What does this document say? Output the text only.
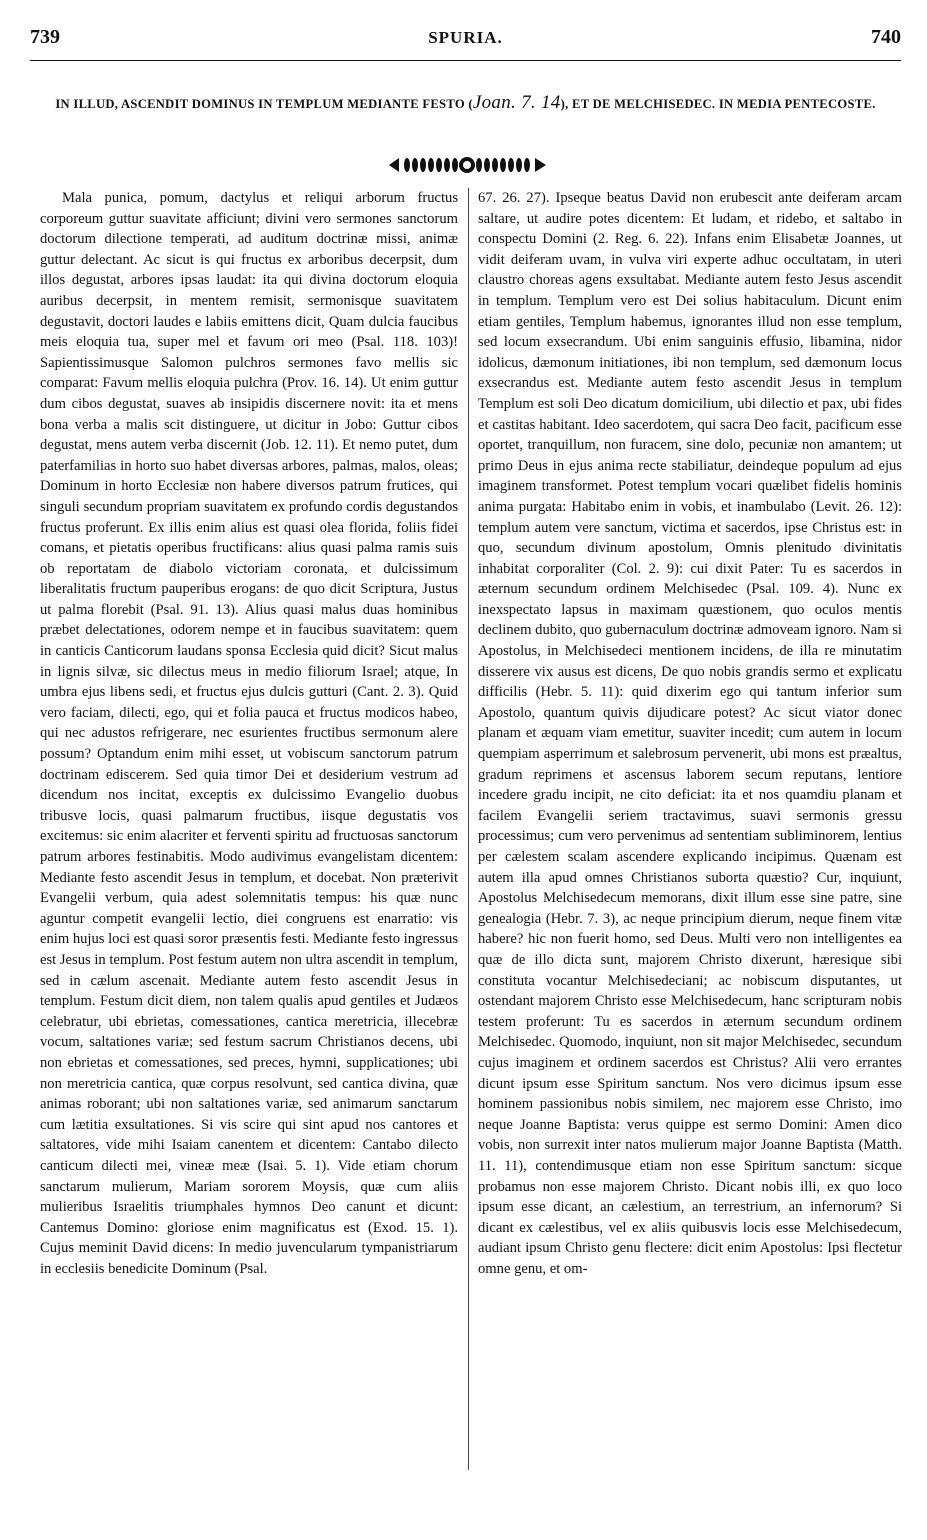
739	SPURIA.	740
IN ILLUD, ASCENDIT DOMINUS IN TEMPLUM MEDIANTE FESTO (Joan. 7. 14), ET DE MELCHISEDEC. IN MEDIA PENTECOSTE.
Mala punica, pomum, dactylus et reliqui arborum fructus corporeum guttur suavitate afficiunt; divini vero sermones sanctorum doctorum dilectione temperati, ad auditum doctrinæ missi, animæ guttur delectant. Ac sicut is qui fructus ex arboribus decerpsit, dum illos degustat, arbores ipsas laudat: ita qui divina doctorum eloquia auribus decerpsit, in mentem remisit, sermonisque suavitatem degustavit, doctori laudes e labiis emittens dicit, Quam dulcia faucibus meis eloquia tua, super mel et favum ori meo (Psal. 118. 103)! Sapientissimusque Salomon pulchros sermones favo mellis sic comparat: Favum mellis eloquia pulchra (Prov. 16. 14). Ut enim guttur dum cibos degustat, suaves ab insipidis discernere novit: ita et mens bona verba a malis scit distinguere, ut dicitur in Jobo: Guttur cibos degustat, mens autem verba discernit (Job. 12. 11). Et nemo putet, dum paterfamilias in horto suo habet diversas arbores, palmas, malos, oleas; Dominum in horto Ecclesiæ non habere diversos patrum frutices, qui singuli secundum propriam suavitatem ex profundo cordis degustandos fructus proferunt. Ex illis enim alius est quasi olea florida, foliis fidei comans, et pietatis operibus fructificans: alius quasi palma ramis suis ob reportatam de diabolo victoriam coronata, et dulcissimum liberalitatis fructum pauperibus erogans: de quo dicit Scriptura, Justus ut palma florebit (Psal. 91. 13). Alius quasi malus duas hominibus præbet delectationes, odorem nempe et in faucibus suavitatem: quem in canticis Canticorum laudans sponsa Ecclesia quid dicit? Sicut malus in lignis silvæ, sic dilectus meus in medio filiorum Israel; atque, In umbra ejus libens sedi, et fructus ejus dulcis gutturi (Cant. 2. 3). Quid vero faciam, dilecti, ego, qui et folia pauca et fructus modicos habeo, qui nec adustos refrigerare, nec esurientes fructibus sermonum alere possum? Optandum enim mihi esset, ut vobiscum sanctorum patrum doctrinam ediscerem. Sed quia timor Dei et desiderium vestrum ad dicendum nos incitat, exceptis ex dulcissimo Evangelio duobus tribusve locis, quasi palmarum fructibus, iisque degustatis vos excitemus: sic enim alacriter et ferventi spiritu ad fructuosas sanctorum patrum arbores festinabitis. Modo audivimus evangelistam dicentem: Mediante festo ascendit Jesus in templum, et docebat. Non præterivit Evangelii verbum, quia adest solemnitatis tempus: his quæ nunc aguntur competit evangelii lectio, diei congruens est enarratio: vis enim hujus loci est quasi soror præsentis festi. Mediante festo ingressus est Jesus in templum. Post festum autem non ultra ascendit in templum, sed in cælum ascenait. Mediante autem festo ascendit Jesus in templum. Festum dicit diem, non talem qualis apud gentiles et Judæos celebratur, ubi ebrietas, comessationes, cantica meretricia, illecebræ vocum, saltationes variæ; sed festum sacrum Christianos decens, ubi non ebrietas et comessationes, sed preces, hymni, supplicationes; ubi non meretricia cantica, quæ corpus resolvunt, sed cantica divina, quæ animas roborant; ubi non saltationes variæ, sed animarum sanctarum cum lætitia exsultationes. Si vis scire qui sint apud nos cantores et saltatores, vide mihi Isaiam canentem et dicentem: Cantabo dilecto canticum dilecti mei, vineæ meæ (Isai. 5. 1). Vide etiam chorum sanctarum mulierum, Mariam sororem Moysis, quæ cum aliis mulieribus Israelitis triumphales hymnos Deo canunt et dicunt: Cantemus Domino: gloriose enim magnificatus est (Exod. 15. 1). Cujus meminit David dicens: In medio juvencularum tympanistriarum in ecclesiis benedicite Dominum (Psal.
67. 26. 27). Ipseque beatus David non erubescit ante deiferam arcam saltare, ut audire potes dicentem: Et ludam, et ridebo, et saltabo in conspectu Domini (2. Reg. 6. 22). Infans enim Elisabetæ Joannes, ut vidit deiferam uvam, in vulva viri experte adhuc occultatam, in uteri claustro choreas agens exsultabat. Mediante autem festo Jesus ascendit in templum. Templum vero est Dei solius habitaculum. Dicunt enim etiam gentiles, Templum habemus, ignorantes illud non esse templum, sed locum exsecrandum. Ubi enim sanguinis effusio, libamina, nidor idolicus, dæmonum initiationes, ibi non templum, sed dæmonum locus exsecrandus est. Mediante autem festo ascendit Jesus in templum Templum est soli Deo dicatum domicilium, ubi dilectio et pax, ubi fides et castitas habitant. Ideo sacerdotem, qui sacra Deo facit, pacificum esse oportet, tranquillum, non furacem, sine dolo, pecuniæ non amantem; ut primo Deus in ejus anima recte stabiliatur, deindeque populum ad ejus imaginem transformet. Potest templum vocari quælibet fidelis hominis anima purgata: Habitabo enim in vobis, et inambulabo (Levit. 26. 12): templum autem vere sanctum, victima et sacerdos, ipse Christus est: in quo, secundum divinum apostolum, Omnis plenitudo divinitatis inhabitat corporaliter (Col. 2. 9): cui dixit Pater: Tu es sacerdos in æternum secundum ordinem Melchisedec (Psal. 109. 4). Nunc ex inexspectato lapsus in maximam quæstionem, quo oculos mentis declinem dubito, quo gubernaculum doctrinæ admoveam ignoro. Nam si Apostolus, in Melchisedeci mentionem incidens, de illa re minutatim disserere vix ausus est dicens, De quo nobis grandis sermo et explicatu difficilis (Hebr. 5. 11): quid dixerim ego qui tantum inferior sum Apostolo, quantum quivis dijudicare potest? Ac sicut viator donec planam et æquam viam emetitur, suaviter incedit; cum autem in locum quempiam asperrimum et salebrosum pervenerit, ubi mons est præaltus, gradum reprimens et ascensus laborem secum reputans, lentiore incedere gradu incipit, ne cito deficiat: ita et nos quamdiu planam et facilem Evangelii seriem tractavimus, suavi sermonis gressu processimus; cum vero pervenimus ad sententiam subliminorem, lentius per cælestem scalam ascendere explicando incipimus. Quænam est autem illa apud omnes Christianos suborta quæstio? Cur, inquiunt, Apostolus Melchisedecum memorans, dixit illum esse sine patre, sine genealogia (Hebr. 7. 3), ac neque principium dierum, neque finem vitæ habere? hic non fuerit homo, sed Deus. Multi vero non intelligentes ea quæ de illo dicta sunt, majorem Christo dixerunt, hæresique sibi constituta vocantur Melchisedeciani; ac nobiscum disputantes, ut ostendant majorem Christo esse Melchisedecum, hanc scripturam nobis testem proferunt: Tu es sacerdos in æternum secundum ordinem Melchisedec. Quomodo, inquiunt, non sit major Melchisedec, secundum cujus imaginem et ordinem sacerdos est Christus? Alii vero errantes dicunt ipsum esse Spiritum sanctum. Nos vero dicimus ipsum esse hominem passionibus nobis similem, nec majorem esse Christo, imo neque Joanne Baptista: verus quippe est sermo Domini: Amen dico vobis, non surrexit inter natos mulierum major Joanne Baptista (Matth. 11. 11), contendimusque etiam non esse Spiritum sanctum: sicque probamus non esse majorem Christo. Dicant nobis illi, ex quo loco ipsum esse dicant, an cælestium, an terrestrium, an infernorum? Si dicant ex cælestibus, vel ex aliis quibusvis locis esse Melchisedecum, audiant ipsum Christo genu flectere: dicit enim Apostolus: Ipsi flectetur omne genu, et om-
